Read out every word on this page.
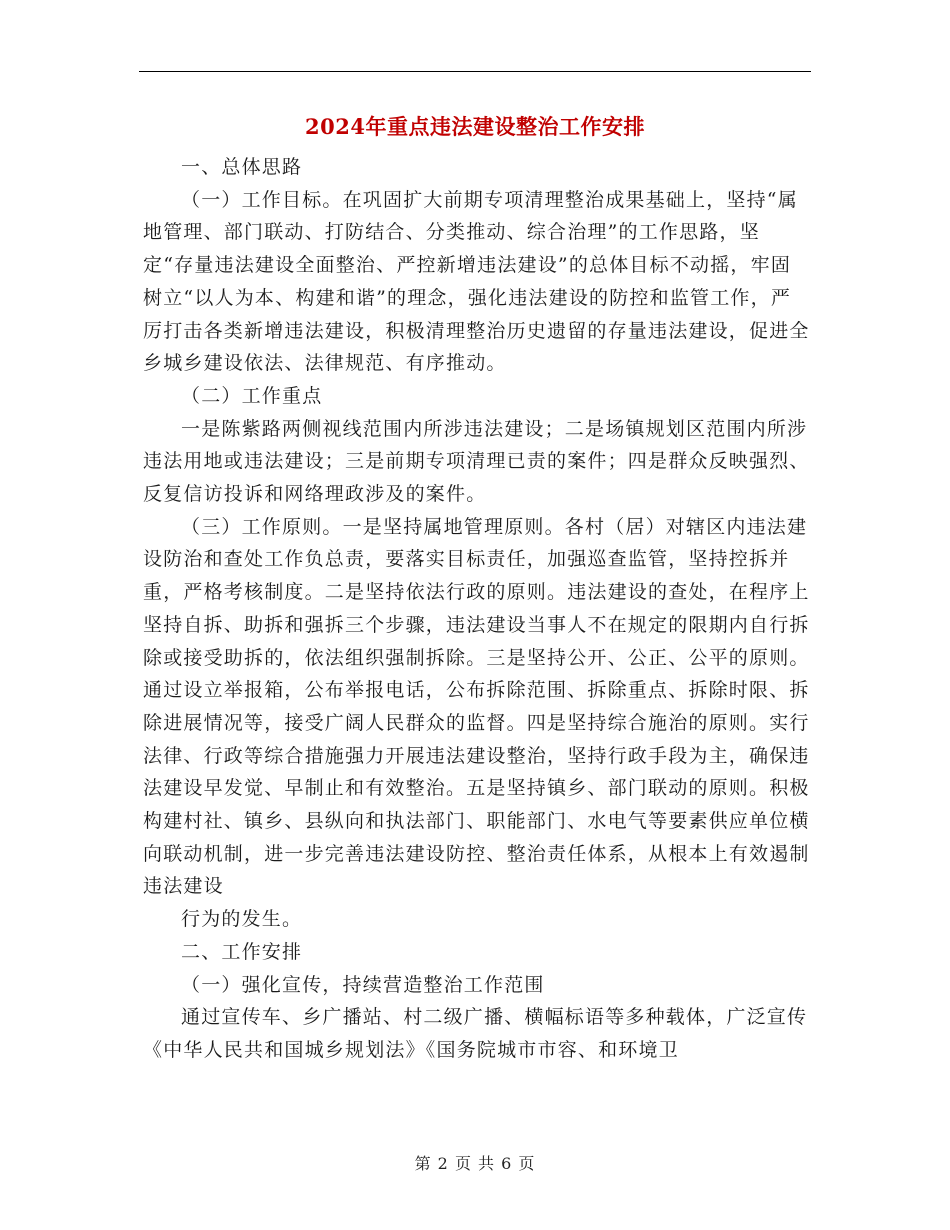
2024年重点违法建设整治工作安排

一、总体思路

（一）工作目标。在巩固扩大前期专项清理整治成果基础上，坚持“属地管理、部门联动、打防结合、分类推动、综合治理”的工作思路，坚定“存量违法建设全面整治、严控新增违法建设”的总体目标不动摇，牢固树立“以人为本、构建和谐”的理念，强化违法建设的防控和监管工作，严厉打击各类新增违法建设，积极清理整治历史遗留的存量违法建设，促进全乡城乡建设依法、法律规范、有序推动。

（二）工作重点

一是陈紫路两侧视线范围内所涉违法建设；二是场镇规划区范围内所涉违法用地或违法建设；三是前期专项清理已责的案件；四是群众反映强烈、反复信访投诉和网络理政涉及的案件。

（三）工作原则。一是坚持属地管理原则。各村（居）对辖区内违法建设防治和查处工作负总责，要落实目标责任，加强巡查监管，坚持控拆并重，严格考核制度。二是坚持依法行政的原则。违法建设的查处，在程序上坚持自拆、助拆和强拆三个步骤，违法建设当事人不在规定的限期内自行拆除或接受助拆的，依法组织强制拆除。三是坚持公开、公正、公平的原则。通过设立举报箱，公布举报电话，公布拆除范围、拆除重点、拆除时限、拆除进展情况等，接受广阔人民群众的监督。四是坚持综合施治的原则。实行法律、行政等综合措施强力开展违法建设整治，坚持行政手段为主，确保违法建设早发觉、早制止和有效整治。五是坚持镇乡、部门联动的原则。积极构建村社、镇乡、县纵向和执法部门、职能部门、水电气等要素供应单位横向联动机制，进一步完善违法建设防控、整治责任体系，从根本上有效遏制违法建设

行为的发生。

二、工作安排

（一）强化宣传，持续营造整治工作范围

通过宣传车、乡广播站、村二级广播、横幅标语等多种载体，广泛宣传《中华人民共和国城乡规划法》《国务院城市市容、和环境卫

第 2 页 共 6 页
